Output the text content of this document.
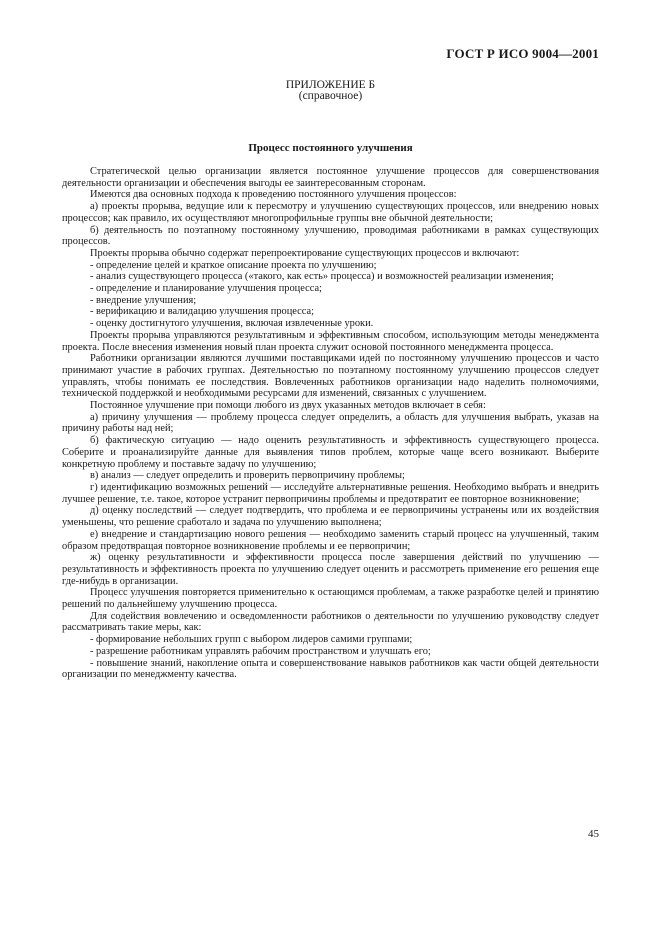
ГОСТ Р ИСО 9004—2001
ПРИЛОЖЕНИЕ Б
(справочное)
Процесс постоянного улучшения

Стратегической целью организации является постоянное улучшение процессов для совершенствования деятельности организации и обеспечения выгоды ее заинтересованным сторонам.

Имеются два основных подхода к проведению постоянного улучшения процессов:

а) проекты прорыва, ведущие или к пересмотру и улучшению существующих процессов, или внедрению новых процессов; как правило, их осуществляют многопрофильные группы вне обычной деятельности;

б) деятельность по поэтапному постоянному улучшению, проводимая работниками в рамках существующих процессов.

Проекты прорыва обычно содержат перепроектирование существующих процессов и включают:

- определение целей и краткое описание проекта по улучшению;

- анализ существующего процесса («такого, как есть» процесса) и возможностей реализации изменения;

- определение и планирование улучшения процесса;

- внедрение улучшения;

- верификацию и валидацию улучшения процесса;

- оценку достигнутого улучшения, включая извлеченные уроки.

Проекты прорыва управляются результативным и эффективным способом, использующим методы менеджмента проекта. После внесения изменения новый план проекта служит основой постоянного менеджмента процесса.

Работники организации являются лучшими поставщиками идей по постоянному улучшению процессов и часто принимают участие в рабочих группах. Деятельностью по поэтапному постоянному улучшению процессов следует управлять, чтобы понимать ее последствия. Вовлеченных работников организации надо наделить полномочиями, технической поддержкой и необходимыми ресурсами для изменений, связанных с улучшением.

Постоянное улучшение при помощи любого из двух указанных методов включает в себя:

а) причину улучшения — проблему процесса следует определить, а область для улучшения выбрать, указав на причину работы над ней;

б) фактическую ситуацию — надо оценить результативность и эффективность существующего процесса. Соберите и проанализируйте данные для выявления типов проблем, которые чаще всего возникают. Выберите конкретную проблему и поставьте задачу по улучшению;

в) анализ — следует определить и проверить первопричину проблемы;

г) идентификацию возможных решений — исследуйте альтернативные решения. Необходимо выбрать и внедрить лучшее решение, т.е. такое, которое устранит первопричины проблемы и предотвратит ее повторное возникновение;

д) оценку последствий — следует подтвердить, что проблема и ее первопричины устранены или их воздействия уменьшены, что решение сработало и задача по улучшению выполнена;

е) внедрение и стандартизацию нового решения — необходимо заменить старый процесс на улучшенный, таким образом предотвращая повторное возникновение проблемы и ее первопричин;

ж) оценку результативности и эффективности процесса после завершения действий по улучшению — результативность и эффективность проекта по улучшению следует оценить и рассмотреть применение его решения еще где-нибудь в организации.

Процесс улучшения повторяется применительно к остающимся проблемам, а также разработке целей и принятию решений по дальнейшему улучшению процесса.

Для содействия вовлечению и осведомленности работников о деятельности по улучшению руководству следует рассматривать такие меры, как:

- формирование небольших групп с выбором лидеров самими группами;

- разрешение работникам управлять рабочим пространством и улучшать его;

- повышение знаний, накопление опыта и совершенствование навыков работников как части общей деятельности организации по менеджменту качества.

45
